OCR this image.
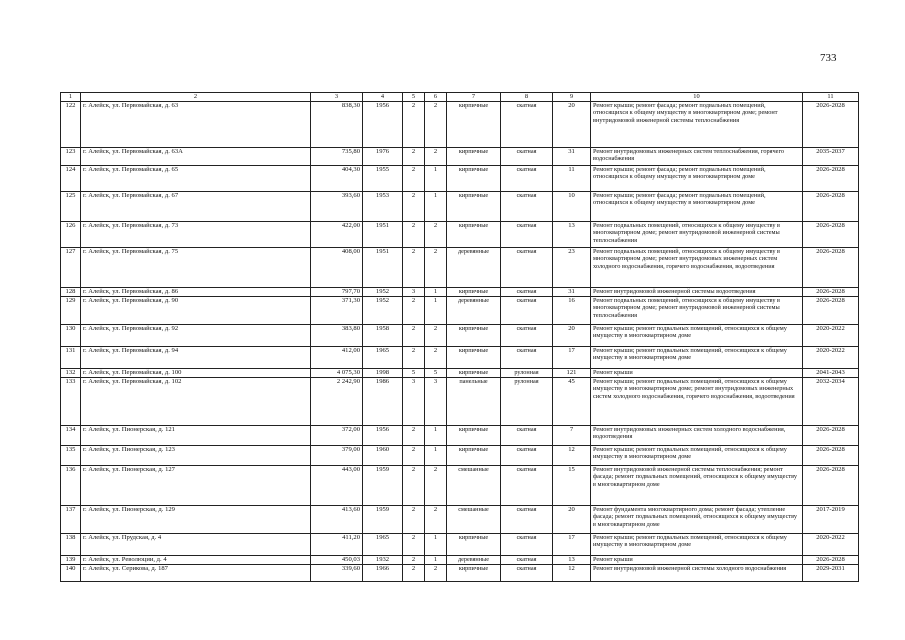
733
1	2	3	4	5	6	7	8	9	10	11
122	г. Алейск, ул. Первомайская, д. 63	838,30	1956	2	2	кирпичные	скатная	20	Ремонт крыши; ремонт фасада; ремонт подвальных помещений, относящихся к общему имуществу в многоквартирном доме; ремонт внутридомовой инженерной системы теплоснабжения	2026-2028
123	г. Алейск, ул. Первомайская, д. 63А	735,80	1976	2	2	кирпичные	скатная	31	Ремонт внутридомовых инженерных систем теплоснабжения, горячего водоснабжения	2035-2037
124	г. Алейск, ул. Первомайская, д. 65	404,30	1955	2	1	кирпичные	скатная	11	Ремонт крыши; ремонт фасада; ремонт подвальных помещений, относящихся к общему имуществу в многоквартирном доме	2026-2028
125	г. Алейск, ул. Первомайская, д. 67	393,60	1953	2	1	кирпичные	скатная	10	Ремонт крыши; ремонт фасада; ремонт подвальных помещений, относящихся к общему имуществу в многоквартирном доме	2026-2028
126	г. Алейск, ул. Первомайская, д. 73	422,00	1951	2	2	кирпичные	скатная	13	Ремонт подвальных помещений, относящихся к общему имуществу в многоквартирном доме; ремонт внутридомовой инженерной системы теплоснабжения	2026-2028
127	г. Алейск, ул. Первомайская, д. 75	408,00	1951	2	2	деревянные	скатная	23	Ремонт подвальных помещений, относящихся к общему имуществу в многоквартирном доме; ремонт внутридомовых инженерных систем холодного водоснабжения, горячего водоснабжения, водоотведения	2026-2028
128	г. Алейск, ул. Первомайская, д. 86	797,70	1952	3	1	кирпичные	скатная	31	Ремонт внутридомовой инженерной системы водоотведения	2026-2028
129	г. Алейск, ул. Первомайская, д. 90	371,30	1952	2	1	деревянные	скатная	16	Ремонт подвальных помещений, относящихся к общему имуществу в многоквартирном доме; ремонт внутридомовой инженерной системы теплоснабжения	2026-2028
130	г. Алейск, ул. Первомайская, д. 92	383,80	1958	2	2	кирпичные	скатная	20	Ремонт крыши; ремонт подвальных помещений, относящихся к общему имуществу в многоквартирном доме	2020-2022
131	г. Алейск, ул. Первомайская, д. 94	412,00	1965	2	2	кирпичные	скатная	17	Ремонт крыши; ремонт подвальных помещений, относящихся к общему имуществу в многоквартирном доме	2020-2022
132	г. Алейск, ул. Первомайская, д. 100	4 075,30	1998	5	5	кирпичные	рулонная	121	Ремонт крыши	2041-2043
133	г. Алейск, ул. Первомайская, д. 102	2 242,90	1986	3	3	панельные	рулонная	45	Ремонт крыши; ремонт подвальных помещений, относящихся к общему имуществу в многоквартирном доме; ремонт внутридомовых инженерных систем холодного водоснабжения, горячего водоснабжения, водоотведения	2032-2034
134	г. Алейск, ул. Пионерская, д. 121	372,00	1956	2	1	кирпичные	скатная	7	Ремонт внутридомовых инженерных систем холодного водоснабжения, водоотведения	2026-2028
135	г. Алейск, ул. Пионерская, д. 123	379,00	1960	2	1	кирпичные	скатная	12	Ремонт крыши; ремонт подвальных помещений, относящихся к общему имуществу в многоквартирном доме	2026-2028
136	г. Алейск, ул. Пионерская, д. 127	443,00	1959	2	2	смешанные	скатная	15	Ремонт внутридомовой инженерной системы теплоснабжения; ремонт фасада; ремонт подвальных помещений, относящихся к общему имуществу в многоквартирном доме	2026-2028
137	г. Алейск, ул. Пионерская, д. 129	413,60	1959	2	2	смешанные	скатная	20	Ремонт фундамента многоквартирного дома; ремонт фасада; утепление фасада; ремонт подвальных помещений, относящихся к общему имуществу в многоквартирном доме	2017-2019
138	г. Алейск, ул. Прудская, д. 4	411,20	1965	2	1	кирпичные	скатная	17	Ремонт крыши; ремонт подвальных помещений, относящихся к общему имуществу в многоквартирном доме	2020-2022
139	г. Алейск, ул. Революции, д. 4	450,03	1932	2	1	деревянные	скатная	13	Ремонт крыши	2026-2028
140	г. Алейск, ул. Серикова, д. 187	339,60	1966	2	2	кирпичные	скатная	12	Ремонт внутридомовой инженерной системы холодного водоснабжения	2029-2031
